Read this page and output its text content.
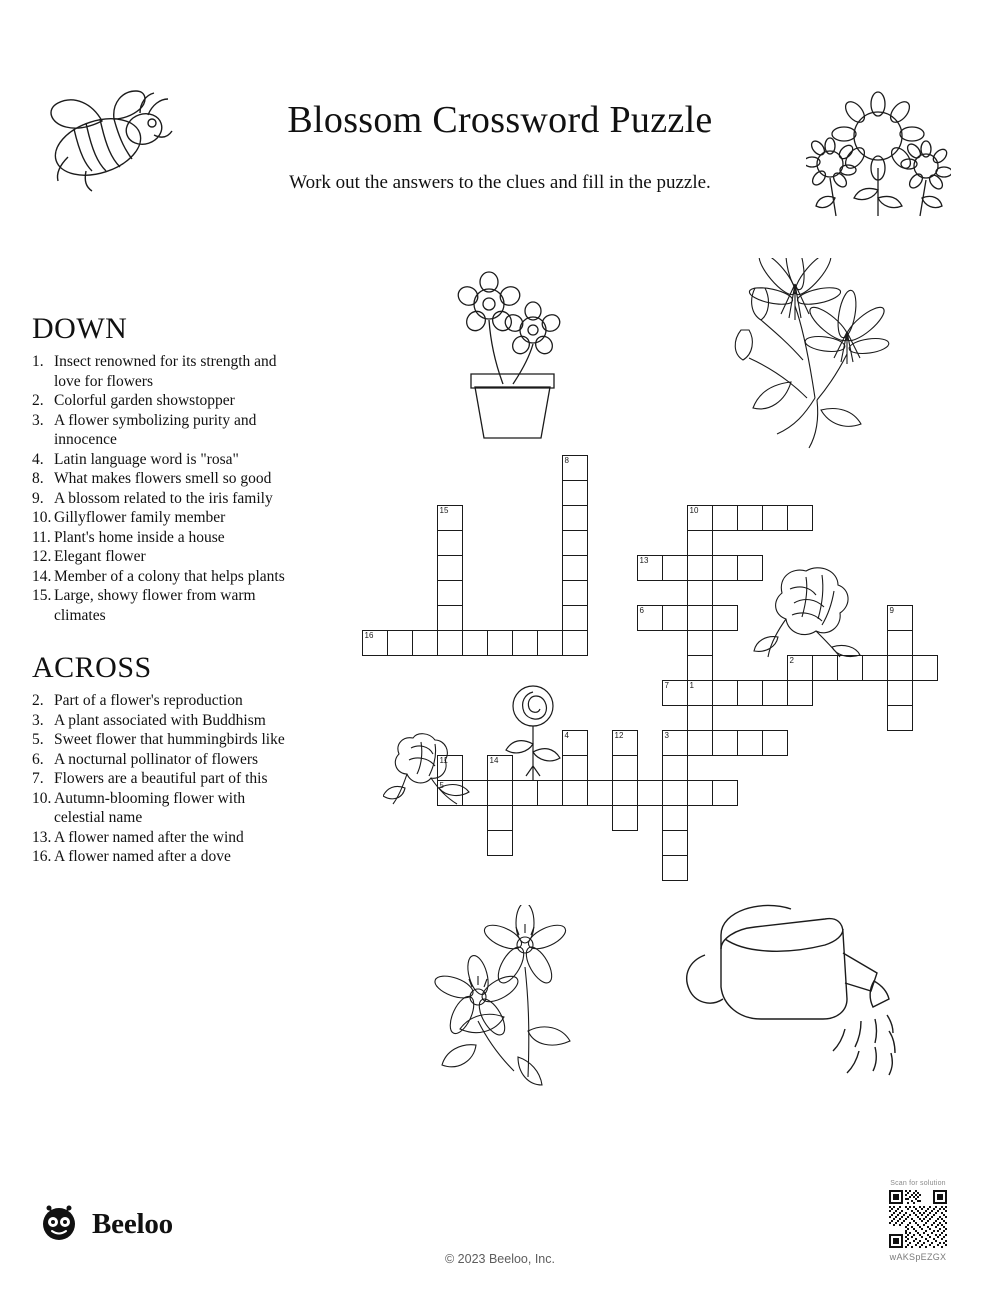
Blossom Crossword Puzzle
Work out the answers to the clues and fill in the puzzle.
DOWN
1. Insect renowned for its strength and love for flowers
2. Colorful garden showstopper
3. A flower symbolizing purity and innocence
4. Latin language word is "rosa"
8. What makes flowers smell so good
9. A blossom related to the iris family
10. Gillyflower family member
11. Plant's home inside a house
12. Elegant flower
14. Member of a colony that helps plants
15. Large, showy flower from warm climates
ACROSS
2. Part of a flower's reproduction
3. A plant associated with Buddhism
5. Sweet flower that hummingbirds like
6. A nocturnal pollinator of flowers
7. Flowers are a beautiful part of this
10. Autumn-blooming flower with celestial name
13. A flower named after the wind
16. A flower named after a dove
8
15	10
13
6	9
16
2
7	1
4	12	3
11	14
5
Beeloo
© 2023 Beeloo, Inc.
Scan for solution
wAKSpEZGX
